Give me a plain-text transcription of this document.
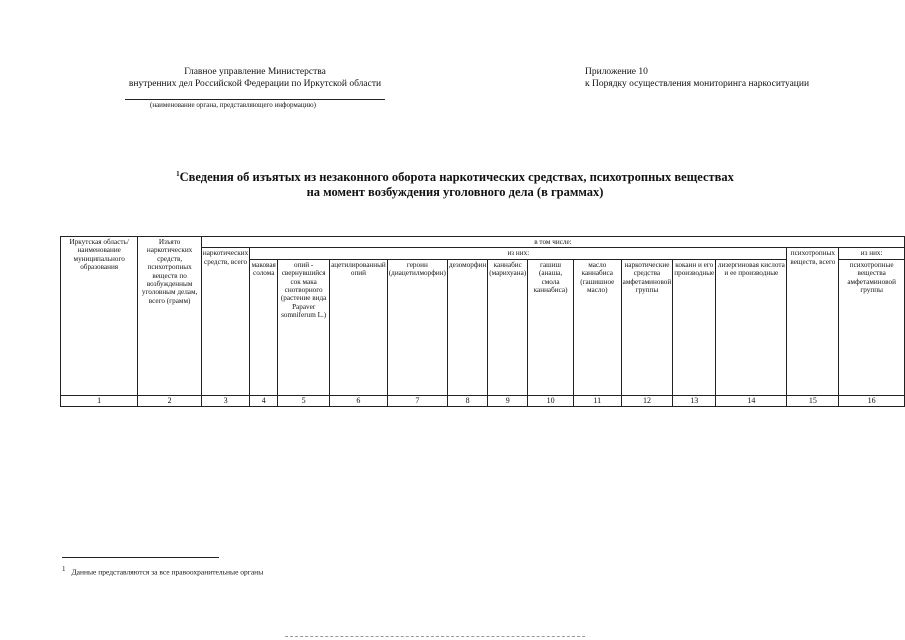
Главное управление Министерства
внутренних дел Российской Федерации по Иркутской области
(наименование органа, представляющего информацию)
Приложение 10
к Порядку осуществления мониторинга наркоситуации
$^1$Сведения об изъятых из незаконного оборота наркотических средствах, психотропных веществах
на момент возбуждения уголовного дела (в граммах)
Иркутская область/ наименование муниципального образования	Изъято наркотических средств, психотропных веществ по возбужденным уголовным делам, всего (грамм)	в том числе:													
		наркотических средств, всего	из них:											психотропных веществ, всего	из них:
			маковая солома	опий - свернувшийся сок мака снотворного (растение вида Papaver somniferum L.)	ацетилированный опий	героин (диацетилморфин)	дезоморфин	каннабис (марихуана)	гашиш (анаша, смола каннабиса)	масло каннабиса (гашишное масло)	наркотические средства амфетаминовой группы	кокаин и его производные	лизергиновая кислота и ее производные		психотропные вещества амфетаминовой группы
1	2	3	4	5	6	7	8	9	10	11	12	13	14	15	16
$^1$ Данные представляются за все правоохранительные органы
